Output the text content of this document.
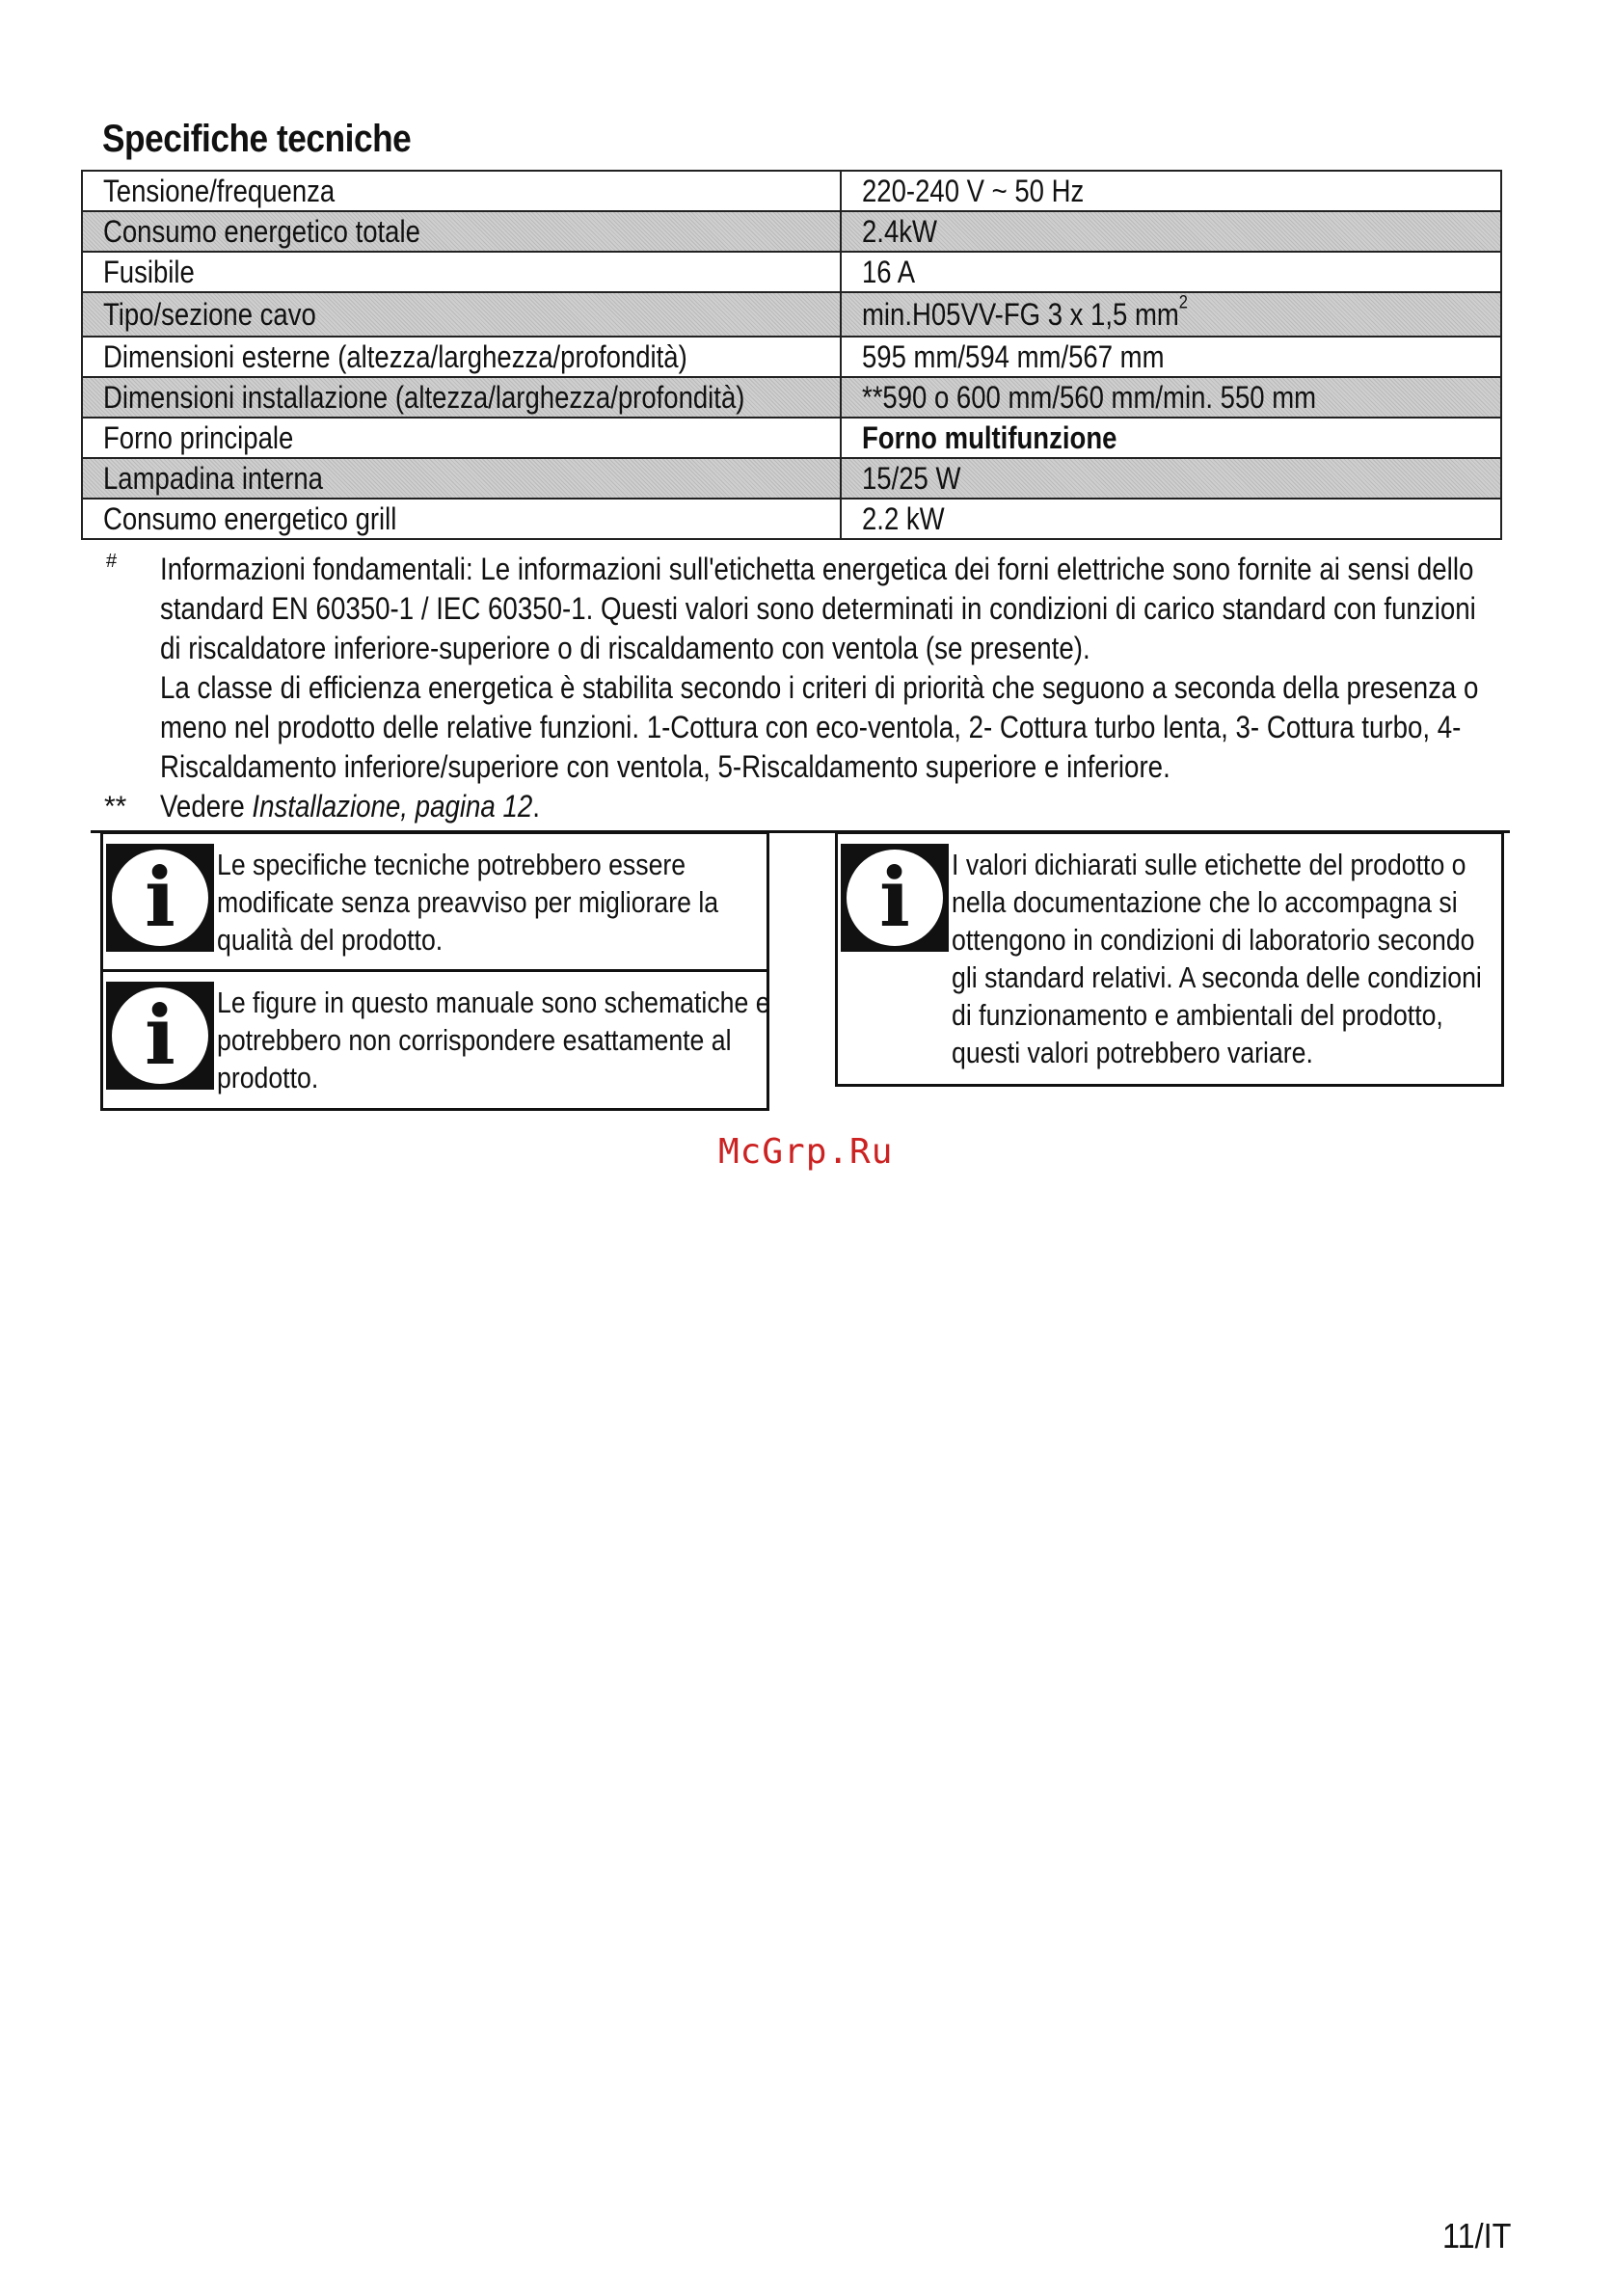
Specifiche tecniche
Tensione/frequenza	220-240 V ~ 50 Hz
Consumo energetico totale	2.4kW
Fusibile	16 A
Tipo/sezione cavo	min.H05VV-FG 3 x 1,5 $mm^2$
Dimensioni esterne (altezza/larghezza/profondità)	595 mm/594 mm/567 mm
Dimensioni installazione (altezza/larghezza/profondità)	**590 o 600 mm/560 mm/min. 550 mm
Forno principale	Forno multifunzione
Lampadina interna	15/25 W
Consumo energetico grill	2.2 kW
# Informazioni fondamentali: Le informazioni sull'etichetta energetica dei forni elettriche sono fornite ai sensi dello standard EN 60350-1 / IEC 60350-1. Questi valori sono determinati in condizioni di carico standard con funzioni di riscaldatore inferiore-superiore o di riscaldamento con ventola (se presente).

La classe di efficienza energetica è stabilita secondo i criteri di priorità che seguono a seconda della presenza o meno nel prodotto delle relative funzioni. 1-Cottura con eco-ventola, 2- Cottura turbo lenta, 3- Cottura turbo, 4- Riscaldamento inferiore/superiore con ventola, 5-Riscaldamento superiore e inferiore.

** Vedere Installazione, pagina 12.

i	Le specifiche tecniche potrebbero essere modificate senza preavviso per migliorare la qualità del prodotto.
i	Le figure in questo manuale sono schematiche e potrebbero non corrispondere esattamente al prodotto.
i	I valori dichiarati sulle etichette del prodotto o nella documentazione che lo accompagna si ottengono in condizioni di laboratorio secondo gli standard relativi. A seconda delle condizioni di funzionamento e ambientali del prodotto, questi valori potrebbero variare.
McGrp.Ru
11/IT
